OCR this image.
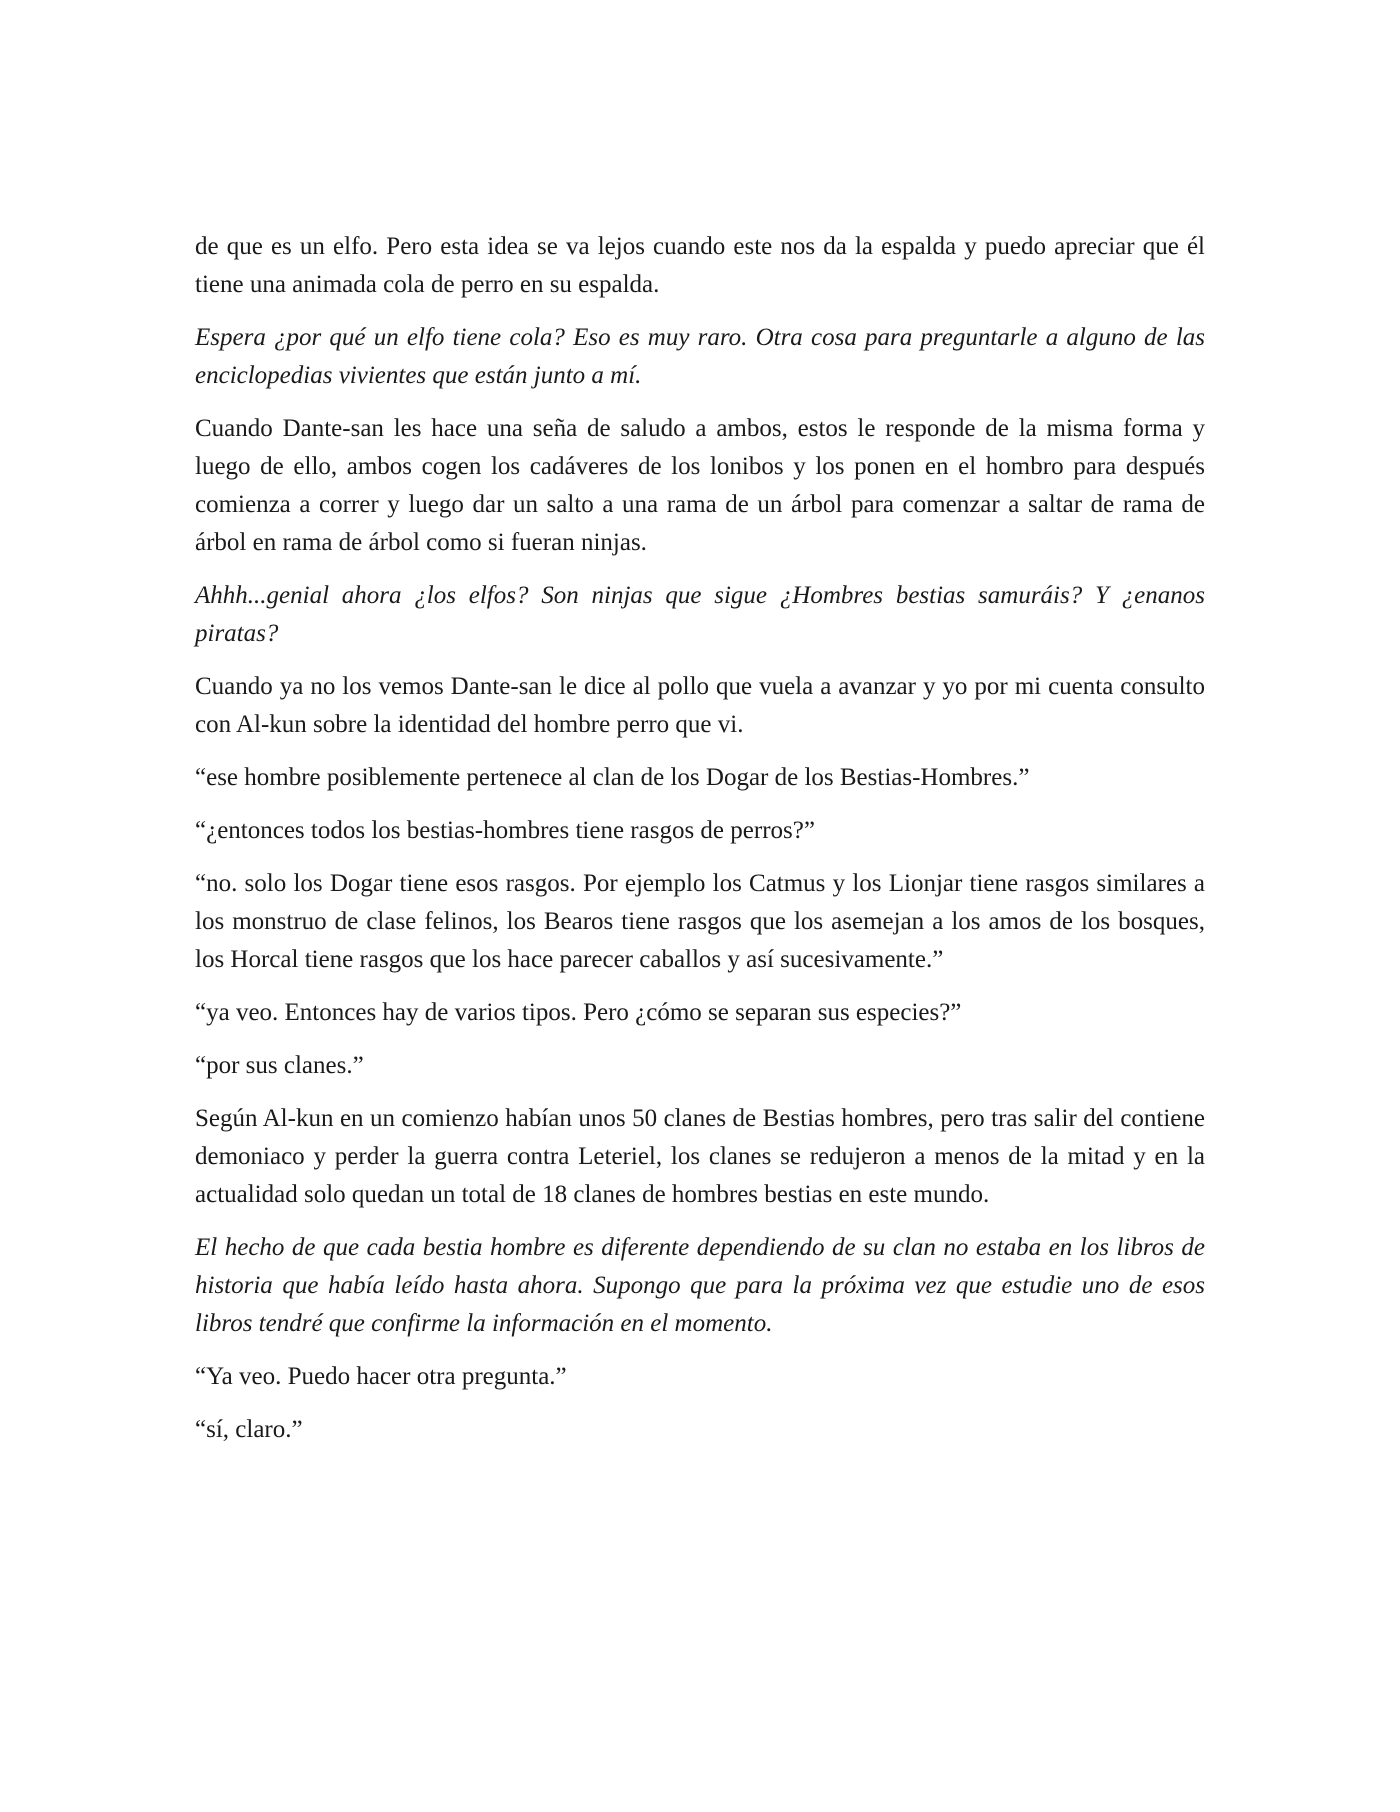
de que es un elfo. Pero esta idea se va lejos cuando este nos da la espalda y puedo apreciar que él tiene una animada cola de perro en su espalda.

Espera ¿por qué un elfo tiene cola? Eso es muy raro. Otra cosa para preguntarle a alguno de las enciclopedias vivientes que están junto a mí.

Cuando Dante-san les hace una seña de saludo a ambos, estos le responde de la misma forma y luego de ello, ambos cogen los cadáveres de los lonibos y los ponen en el hombro para después comienza a correr y luego dar un salto a una rama de un árbol para comenzar a saltar de rama de árbol en rama de árbol como si fueran ninjas.

Ahhh...genial ahora ¿los elfos? Son ninjas que sigue ¿Hombres bestias samuráis? Y ¿enanos piratas?

Cuando ya no los vemos Dante-san le dice al pollo que vuela a avanzar y yo por mi cuenta consulto con Al-kun sobre la identidad del hombre perro que vi.

“ese hombre posiblemente pertenece al clan de los Dogar de los Bestias-Hombres.”

“¿entonces todos los bestias-hombres tiene rasgos de perros?”

“no. solo los Dogar tiene esos rasgos. Por ejemplo los Catmus y los Lionjar tiene rasgos similares a los monstruo de clase felinos, los Bearos tiene rasgos que los asemejan a los amos de los bosques, los Horcal tiene rasgos que los hace parecer caballos y así sucesivamente.”

“ya veo. Entonces hay de varios tipos. Pero ¿cómo se separan sus especies?”

“por sus clanes.”

Según Al-kun en un comienzo habían unos 50 clanes de Bestias hombres, pero tras salir del contiene demoniaco y perder la guerra contra Leteriel, los clanes se redujeron a menos de la mitad y en la actualidad solo quedan un total de 18 clanes de hombres bestias en este mundo.

El hecho de que cada bestia hombre es diferente dependiendo de su clan no estaba en los libros de historia que había leído hasta ahora. Supongo que para la próxima vez que estudie uno de esos libros tendré que confirme la información en el momento.

“Ya veo. Puedo hacer otra pregunta.”

“sí, claro.”
